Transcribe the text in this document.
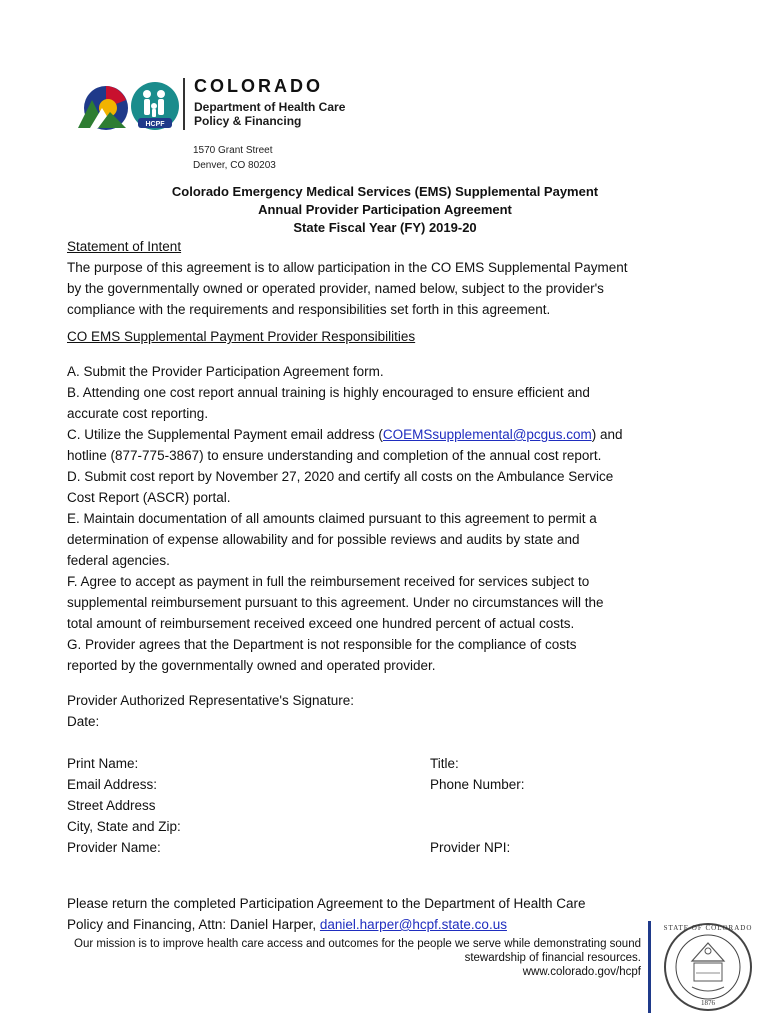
HCPF
COLORADO
Department of Health Care
Policy & Financing
1570 Grant Street
Denver, CO 80203
Colorado Emergency Medical Services (EMS) Supplemental Payment
Annual Provider Participation Agreement
State Fiscal Year (FY) 2019-20
Statement of Intent
The purpose of this agreement is to allow participation in the CO EMS Supplemental Payment
by the governmentally owned or operated provider, named below, subject to the provider's
compliance with the requirements and responsibilities set forth in this agreement.
CO EMS Supplemental Payment Provider Responsibilities
A. Submit the Provider Participation Agreement form.
B. Attending one cost report annual training is highly encouraged to ensure efficient and
accurate cost reporting.
C. Utilize the Supplemental Payment email address (COEMSsupplemental@pcgus.com) and
hotline (877-775-3867) to ensure understanding and completion of the annual cost report.
D. Submit cost report by November 27, 2020 and certify all costs on the Ambulance Service
Cost Report (ASCR) portal.
E. Maintain documentation of all amounts claimed pursuant to this agreement to permit a
determination of expense allowability and for possible reviews and audits by state and
federal agencies.
F. Agree to accept as payment in full the reimbursement received for services subject to
supplemental reimbursement pursuant to this agreement. Under no circumstances will the
total amount of reimbursement received exceed one hundred percent of actual costs.
G. Provider agrees that the Department is not responsible for the compliance of costs
reported by the governmentally owned and operated provider.
Provider Authorized Representative's Signature:
Date:
Print Name:
Email Address:
Street Address
City, State and Zip:
Provider Name:
Title:
Phone Number:
Provider NPI:
Please return the completed Participation Agreement to the Department of Health Care
Policy and Financing, Attn: Daniel Harper, daniel.harper@hcpf.state.co.us
Our mission is to improve health care access and outcomes for the people we serve while demonstrating sound
stewardship of financial resources.
www.colorado.gov/hcpf
STATE OF COLORADO
1876
